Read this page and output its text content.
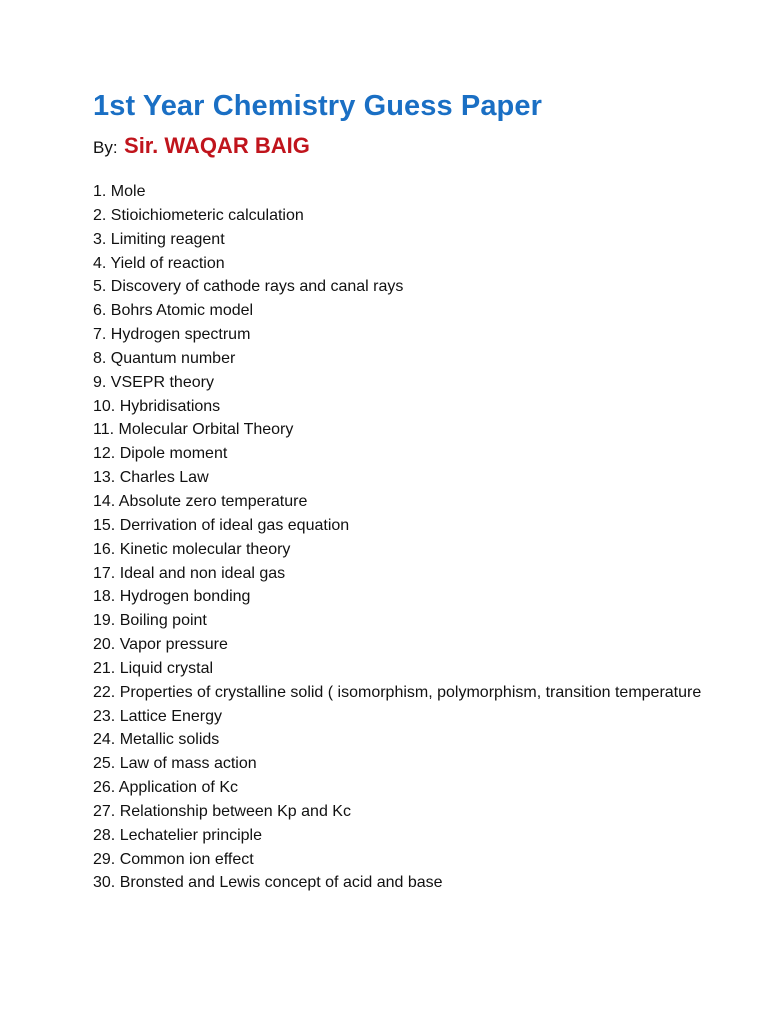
1st Year Chemistry Guess Paper
By: Sir. WAQAR BAIG
1. Mole
2. Stioichiometeric calculation
3. Limiting reagent
4. Yield of reaction
5. Discovery of cathode rays and canal rays
6. Bohrs Atomic model
7. Hydrogen spectrum
8. Quantum number
9. VSEPR theory
10. Hybridisations
11. Molecular Orbital Theory
12. Dipole moment
13. Charles Law
14. Absolute zero temperature
15. Derrivation of ideal gas equation
16. Kinetic molecular theory
17. Ideal and non ideal gas
18. Hydrogen bonding
19. Boiling point
20. Vapor pressure
21. Liquid crystal
22. Properties of crystalline solid ( isomorphism, polymorphism, transition temperature
23. Lattice Energy
24. Metallic solids
25. Law of mass action
26. Application of Kc
27. Relationship between Kp and Kc
28. Lechatelier principle
29. Common ion effect
30. Bronsted and Lewis concept of acid and base
